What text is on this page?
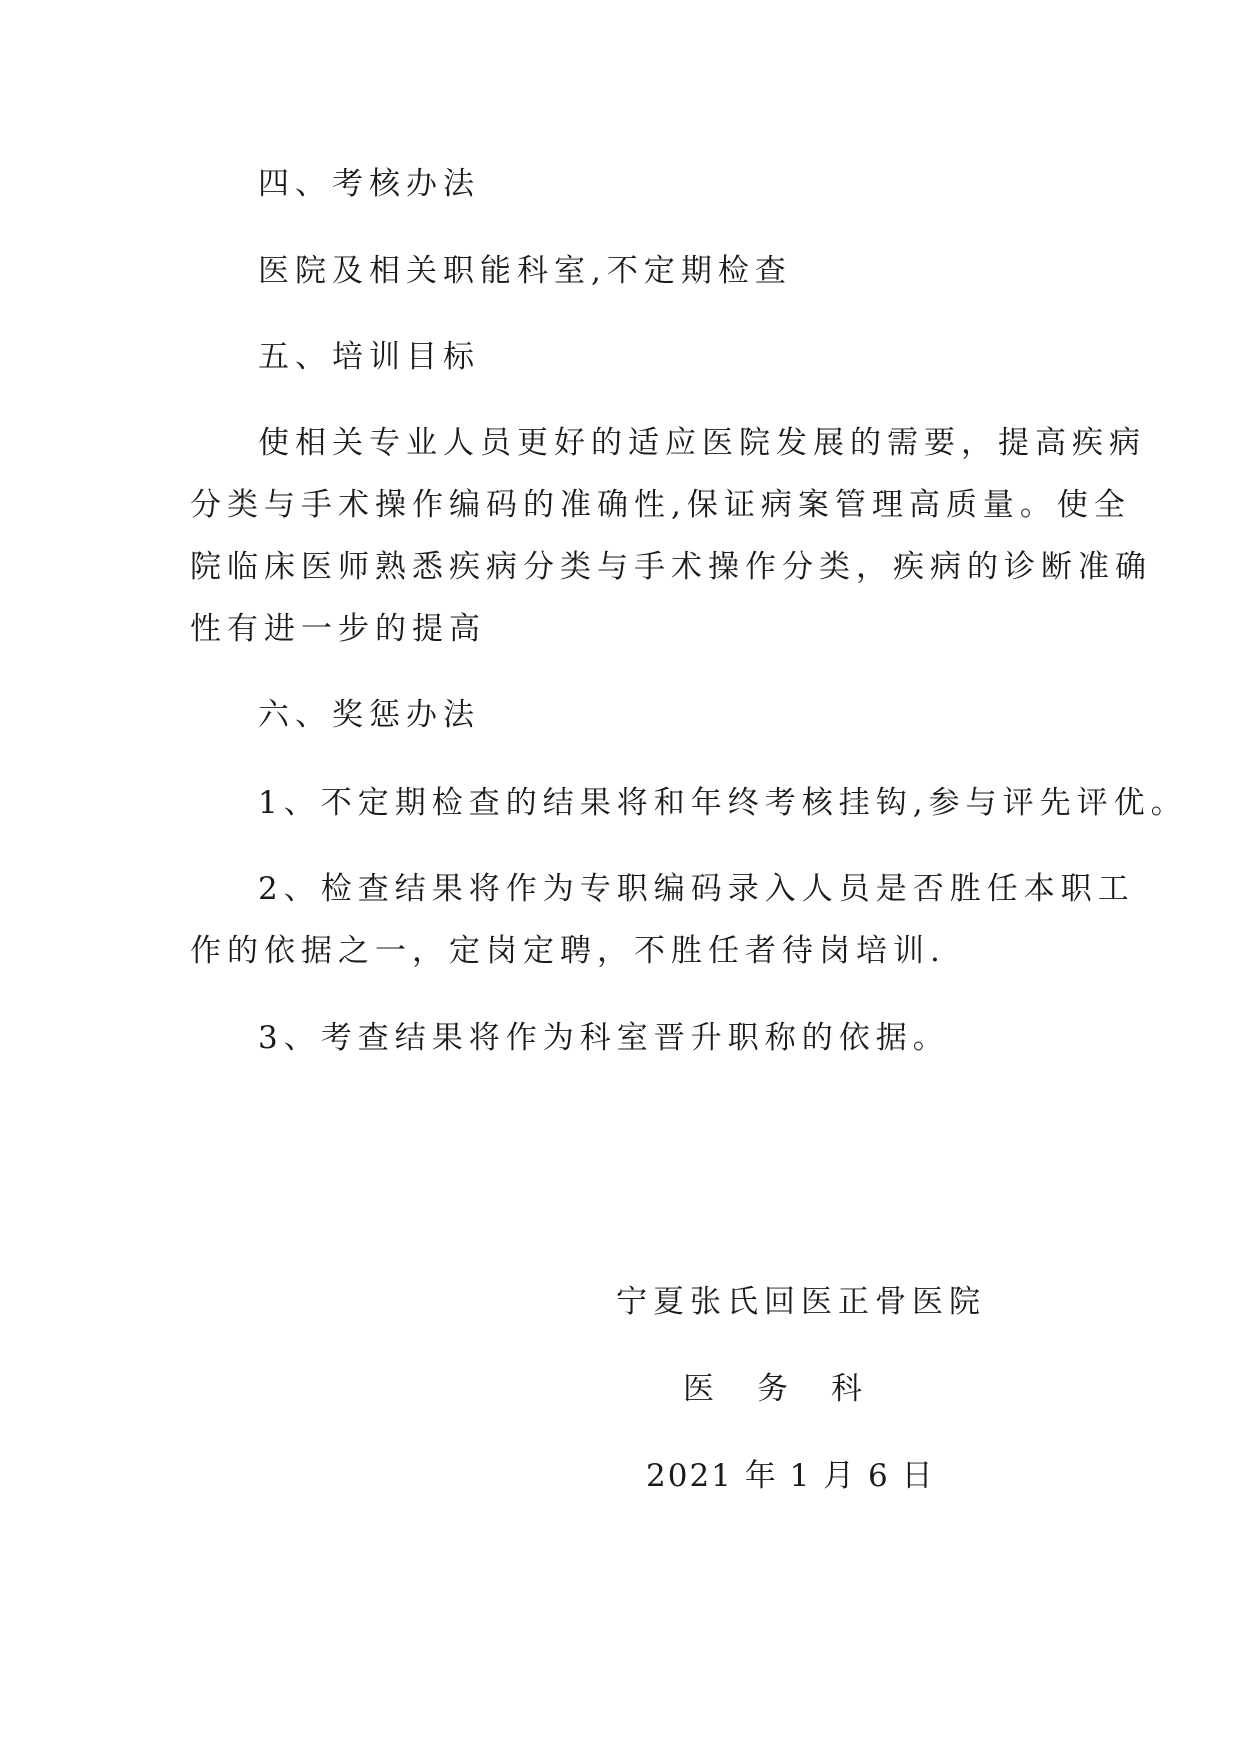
四、考核办法
医院及相关职能科室,不定期检查
五、培训目标
使相关专业人员更好的适应医院发展的需要，提高疾病
分类与手术操作编码的准确性,保证病案管理高质量。使全
院临床医师熟悉疾病分类与手术操作分类，疾病的诊断准确
性有进一步的提高
六、奖惩办法
1、不定期检查的结果将和年终考核挂钩,参与评先评优。
2、检查结果将作为专职编码录入人员是否胜任本职工
作的依据之一，定岗定聘，不胜任者待岗培训.
3、考查结果将作为科室晋升职称的依据。
宁夏张氏回医正骨医院
医　务　科
2021 年 1 月 6 日
